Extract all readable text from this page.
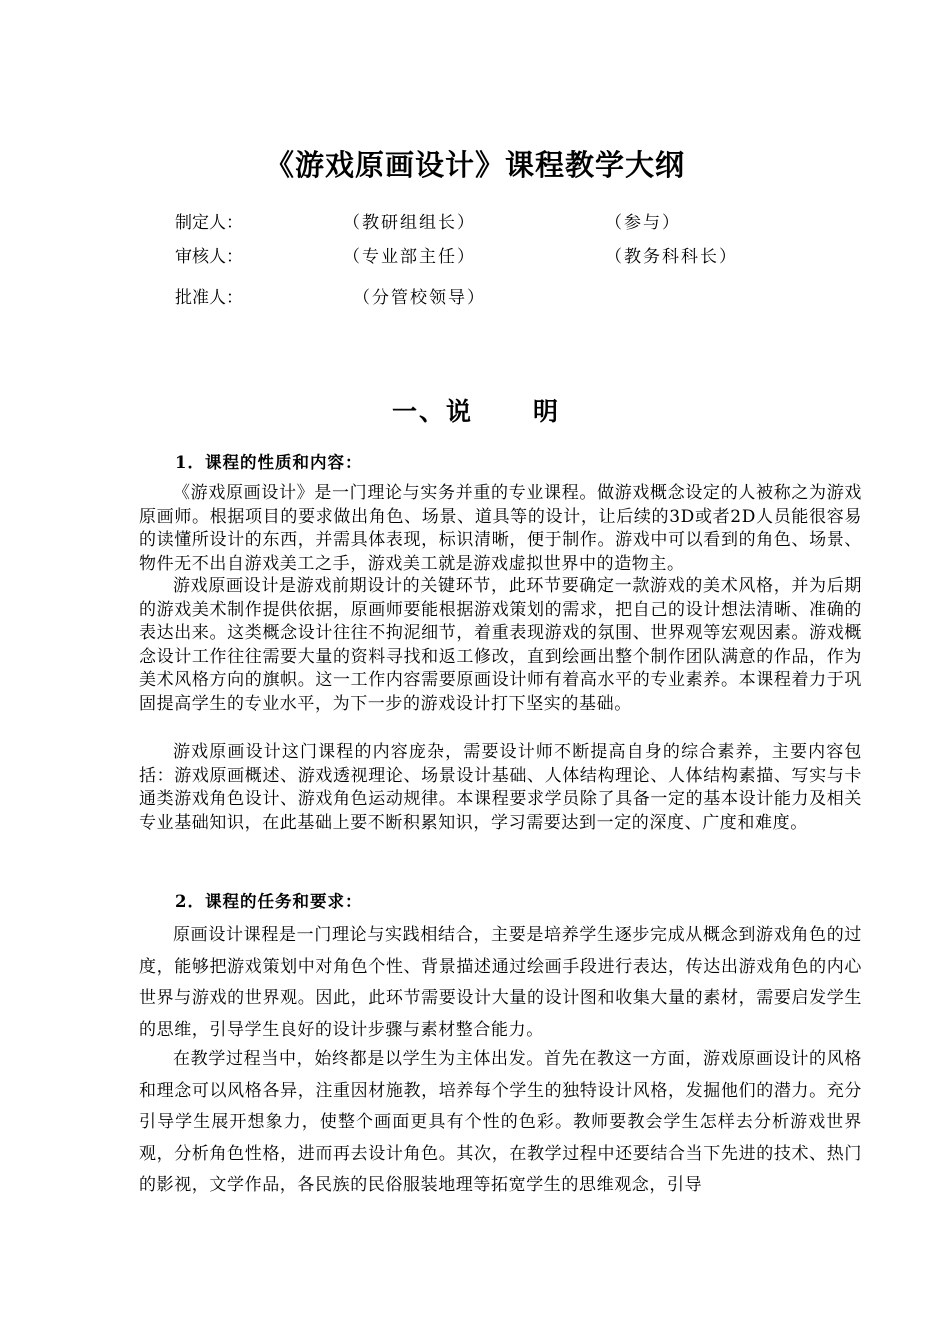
《游戏原画设计》课程教学大纲
制定人：	（教研组组长）	（参与）
审核人：	（专业部主任）	（教务科科长）
批准人：	（分管校领导）
一、说 明
1．课程的性质和内容：

《游戏原画设计》是一门理论与实务并重的专业课程。做游戏概念设定的人被称之为游戏原画师。根据项目的要求做出角色、场景、道具等的设计，让后续的3D或者2D人员能很容易的读懂所设计的东西，并需具体表现，标识清晰，便于制作。游戏中可以看到的角色、场景、物件无不出自游戏美工之手，游戏美工就是游戏虚拟世界中的造物主。

游戏原画设计是游戏前期设计的关键环节，此环节要确定一款游戏的美术风格，并为后期的游戏美术制作提供依据，原画师要能根据游戏策划的需求，把自己的设计想法清晰、准确的表达出来。这类概念设计往往不拘泥细节，着重表现游戏的氛围、世界观等宏观因素。游戏概念设计工作往往需要大量的资料寻找和返工修改，直到绘画出整个制作团队满意的作品，作为美术风格方向的旗帜。这一工作内容需要原画设计师有着高水平的专业素养。本课程着力于巩固提高学生的专业水平，为下一步的游戏设计打下坚实的基础。

游戏原画设计这门课程的内容庞杂，需要设计师不断提高自身的综合素养，主要内容包括：游戏原画概述、游戏透视理论、场景设计基础、人体结构理论、人体结构素描、写实与卡通类游戏角色设计、游戏角色运动规律。本课程要求学员除了具备一定的基本设计能力及相关专业基础知识，在此基础上要不断积累知识，学习需要达到一定的深度、广度和难度。

2．课程的任务和要求：

原画设计课程是一门理论与实践相结合，主要是培养学生逐步完成从概念到游戏角色的过度，能够把游戏策划中对角色个性、背景描述通过绘画手段进行表达，传达出游戏角色的内心世界与游戏的世界观。因此，此环节需要设计大量的设计图和收集大量的素材，需要启发学生的思维，引导学生良好的设计步骤与素材整合能力。

在教学过程当中，始终都是以学生为主体出发。首先在教这一方面，游戏原画设计的风格和理念可以风格各异，注重因材施教，培养每个学生的独特设计风格，发掘他们的潜力。充分引导学生展开想象力，使整个画面更具有个性的色彩。教师要教会学生怎样去分析游戏世界观，分析角色性格，进而再去设计角色。其次，在教学过程中还要结合当下先进的技术、热门的影视，文学作品，各民族的民俗服装地理等拓宽学生的思维观念，引导
